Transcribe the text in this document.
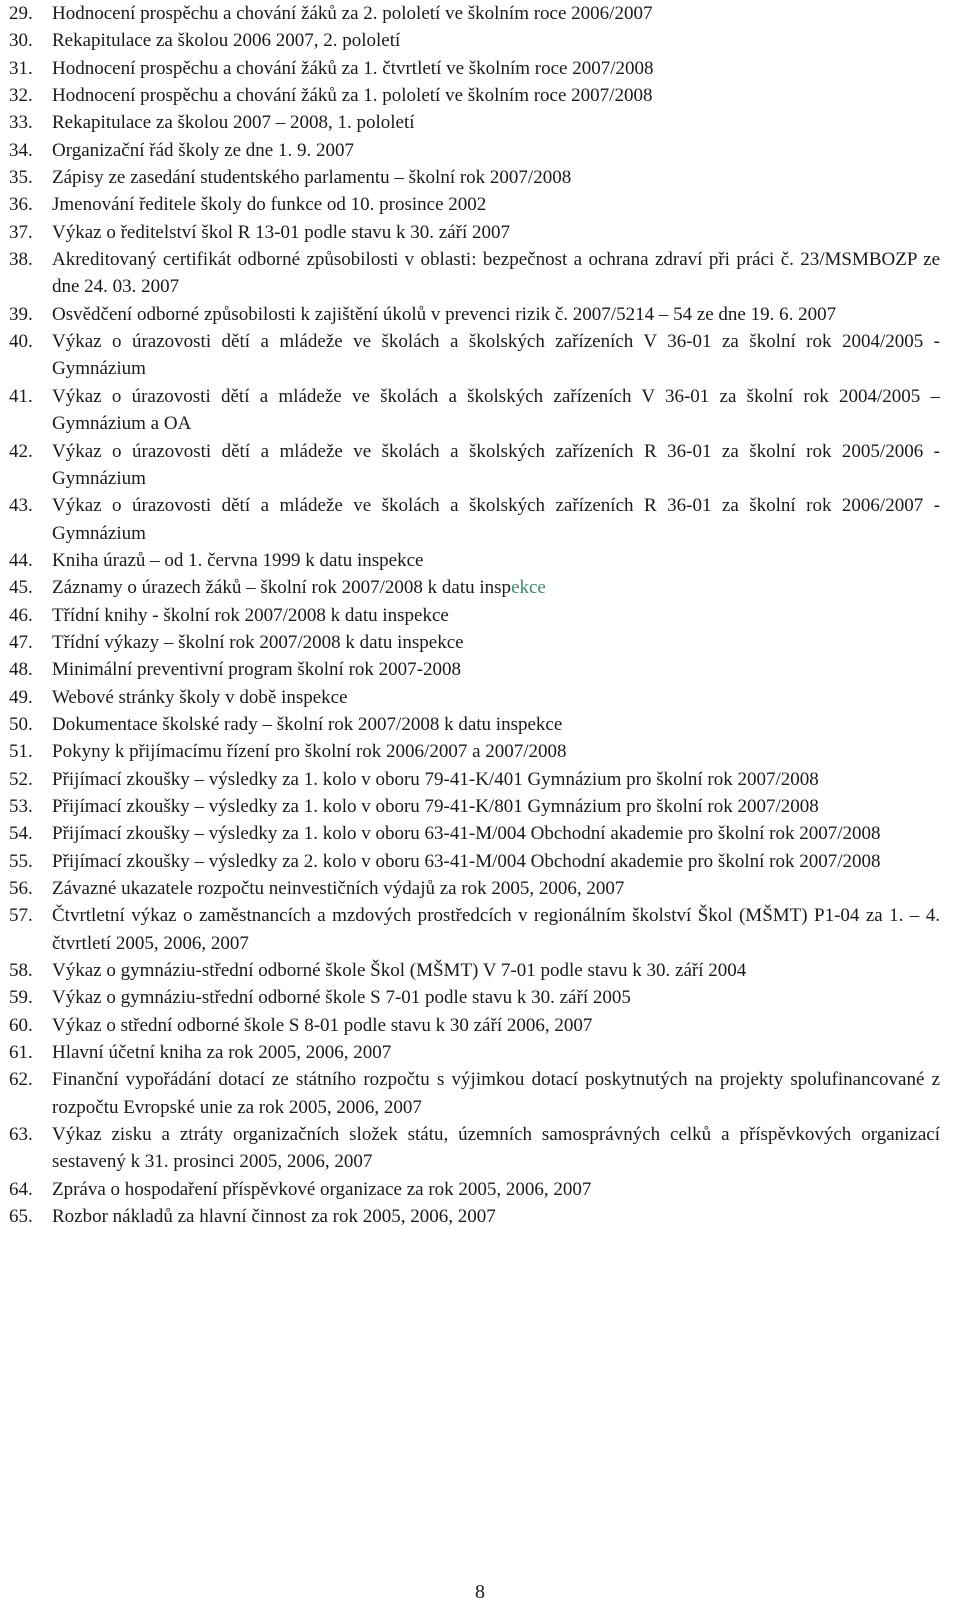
29. Hodnocení prospěchu a chování žáků za 2. pololetí ve školním roce 2006/2007
30. Rekapitulace za školou 2006 2007, 2. pololetí
31. Hodnocení prospěchu a chování žáků za 1. čtvrtletí ve školním roce 2007/2008
32. Hodnocení prospěchu a chování žáků za 1. pololetí ve školním roce 2007/2008
33. Rekapitulace za školou 2007 – 2008, 1. pololetí
34. Organizační řád školy ze dne 1. 9. 2007
35. Zápisy ze zasedání studentského parlamentu – školní rok 2007/2008
36. Jmenování ředitele školy do funkce od 10. prosince 2002
37. Výkaz o ředitelství škol R 13-01 podle stavu k 30. září 2007
38. Akreditovaný certifikát odborné způsobilosti v oblasti: bezpečnost a ochrana zdraví při práci č. 23/MSMBOZP ze dne 24. 03. 2007
39. Osvědčení odborné způsobilosti k zajištění úkolů v prevenci rizik č. 2007/5214 – 54 ze dne 19. 6. 2007
40. Výkaz o úrazovosti dětí a mládeže ve školách a školských zařízeních V 36-01 za školní rok 2004/2005 - Gymnázium
41. Výkaz o úrazovosti dětí a mládeže ve školách a školských zařízeních V 36-01 za školní rok 2004/2005 – Gymnázium a OA
42. Výkaz o úrazovosti dětí a mládeže ve školách a školských zařízeních R 36-01 za školní rok 2005/2006 - Gymnázium
43. Výkaz o úrazovosti dětí a mládeže ve školách a školských zařízeních R 36-01 za školní rok 2006/2007 - Gymnázium
44. Kniha úrazů – od 1. června 1999 k datu inspekce
45. Záznamy o úrazech žáků – školní rok 2007/2008 k datu inspekce
46. Třídní knihy - školní rok 2007/2008 k datu inspekce
47. Třídní výkazy – školní rok 2007/2008 k datu inspekce
48. Minimální preventivní program školní rok 2007-2008
49. Webové stránky školy v době inspekce
50. Dokumentace školské rady – školní rok 2007/2008 k datu inspekce
51. Pokyny k přijímacímu řízení pro školní rok 2006/2007 a 2007/2008
52. Přijímací zkoušky – výsledky za 1. kolo v oboru 79-41-K/401 Gymnázium pro školní rok 2007/2008
53. Přijímací zkoušky – výsledky za 1. kolo v oboru 79-41-K/801 Gymnázium pro školní rok 2007/2008
54. Přijímací zkoušky – výsledky za 1. kolo v oboru 63-41-M/004 Obchodní akademie pro školní rok 2007/2008
55. Přijímací zkoušky – výsledky za 2. kolo v oboru 63-41-M/004 Obchodní akademie pro školní rok 2007/2008
56. Závazné ukazatele rozpočtu neinvestičních výdajů za rok 2005, 2006, 2007
57. Čtvrtletní výkaz o zaměstnancích a mzdových prostředcích v regionálním školství Škol (MŠMT) P1-04 za 1. – 4. čtvrtletí 2005, 2006, 2007
58. Výkaz o gymnáziu-střední odborné škole Škol (MŠMT) V 7-01 podle stavu k 30. září 2004
59. Výkaz o gymnáziu-střední odborné škole S 7-01 podle stavu k 30. září 2005
60. Výkaz o střední odborné škole S 8-01 podle stavu k 30 září 2006, 2007
61. Hlavní účetní kniha za rok 2005, 2006, 2007
62. Finanční vypořádání dotací ze státního rozpočtu s výjimkou dotací poskytnutých na projekty spolufinancované z rozpočtu Evropské unie za rok 2005, 2006, 2007
63. Výkaz zisku a ztráty organizačních složek státu, územních samosprávných celků a příspěvkových organizací sestavený k 31. prosinci 2005, 2006, 2007
64. Zpráva o hospodaření příspěvkové organizace za rok 2005, 2006, 2007
65. Rozbor nákladů za hlavní činnost za rok 2005, 2006, 2007
8
